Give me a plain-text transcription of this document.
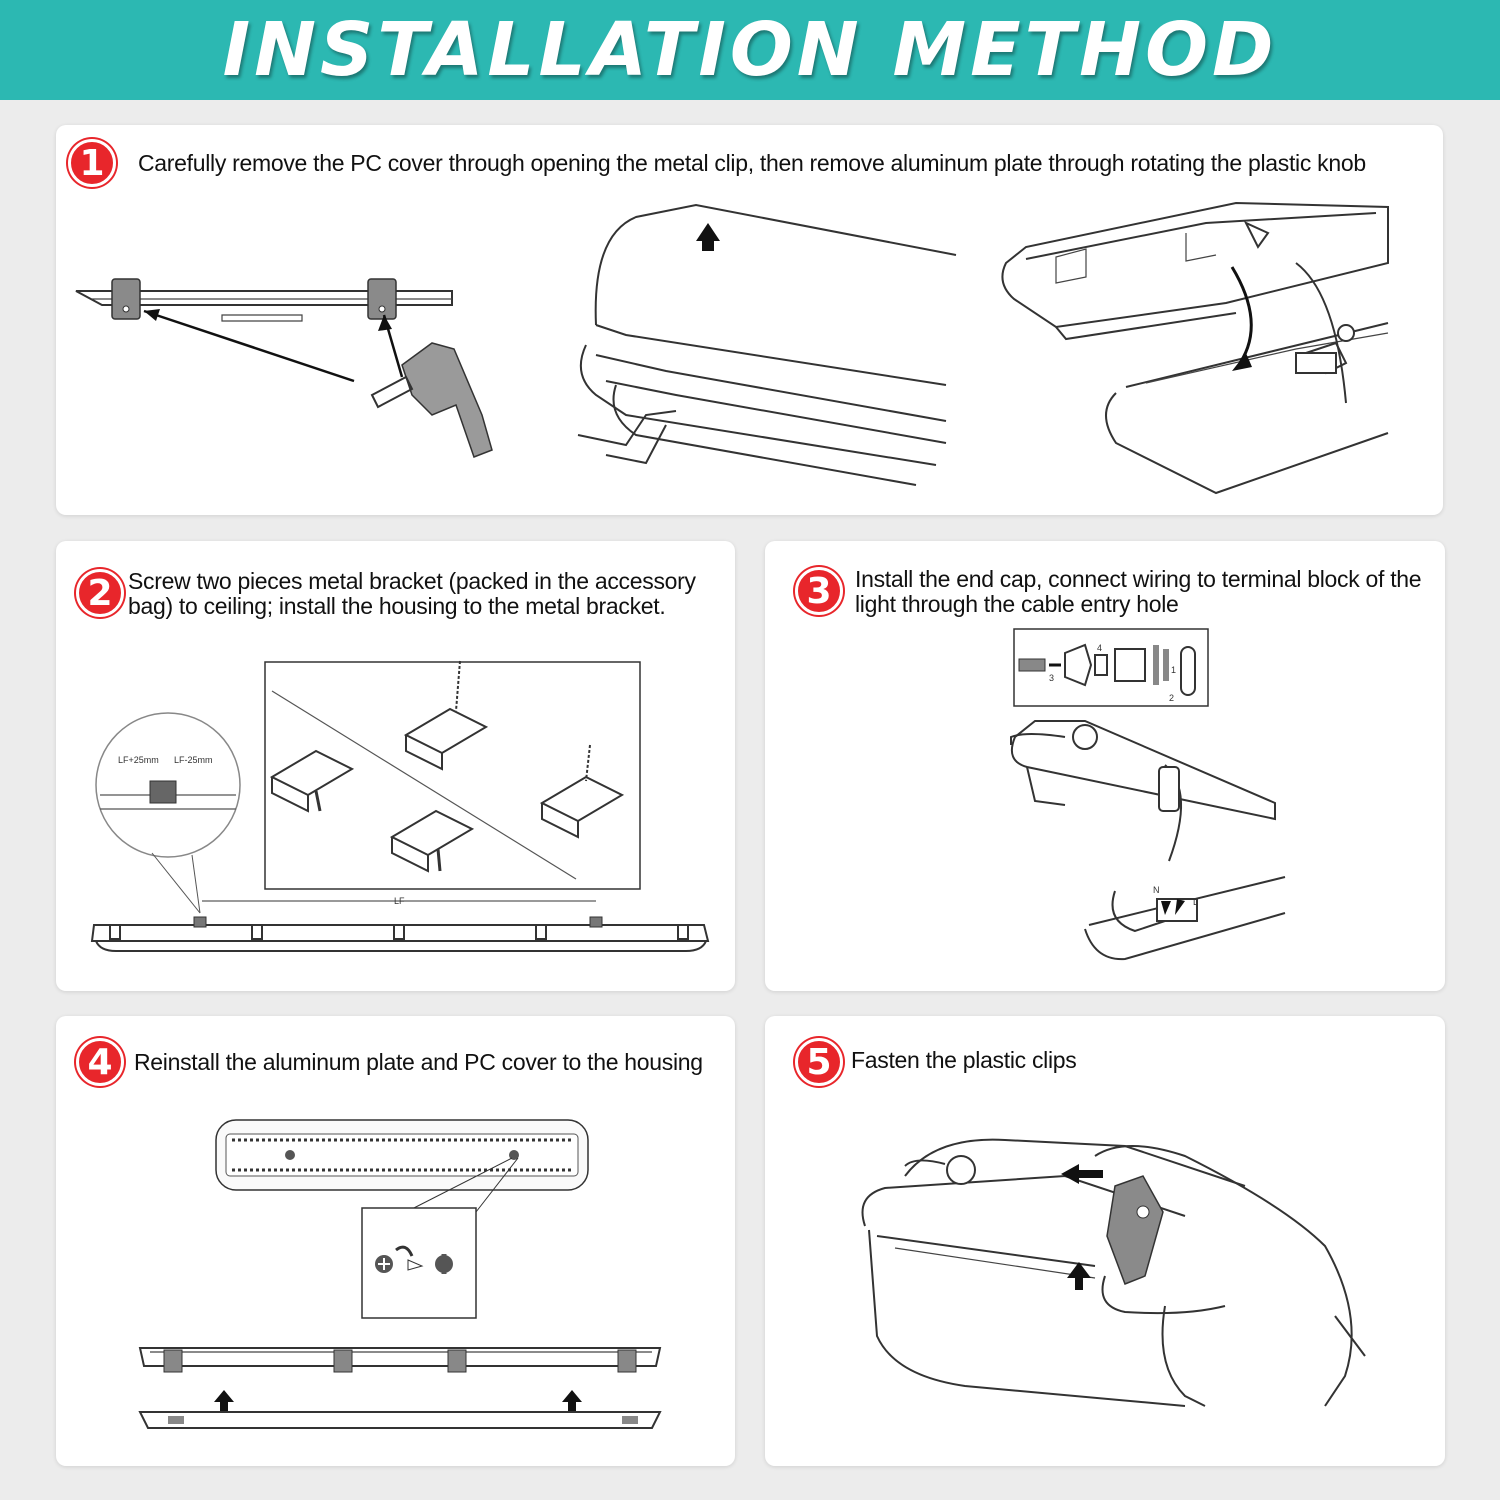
INSTALLATION METHOD
1	Carefully remove the PC cover through opening the metal clip, then remove aluminum plate through rotating the plastic knob
2 Screw two pieces metal bracket (packed in the accessory bag) to ceiling; install the housing to the metal bracket.
LF+25mm LF-25mm
LF
3	Install the end cap, connect wiring to terminal block of the light through the cable entry hole
3
4
1
2
N
L
4 Reinstall the aluminum plate and PC cover to the housing	5 Fasten the plastic clips
